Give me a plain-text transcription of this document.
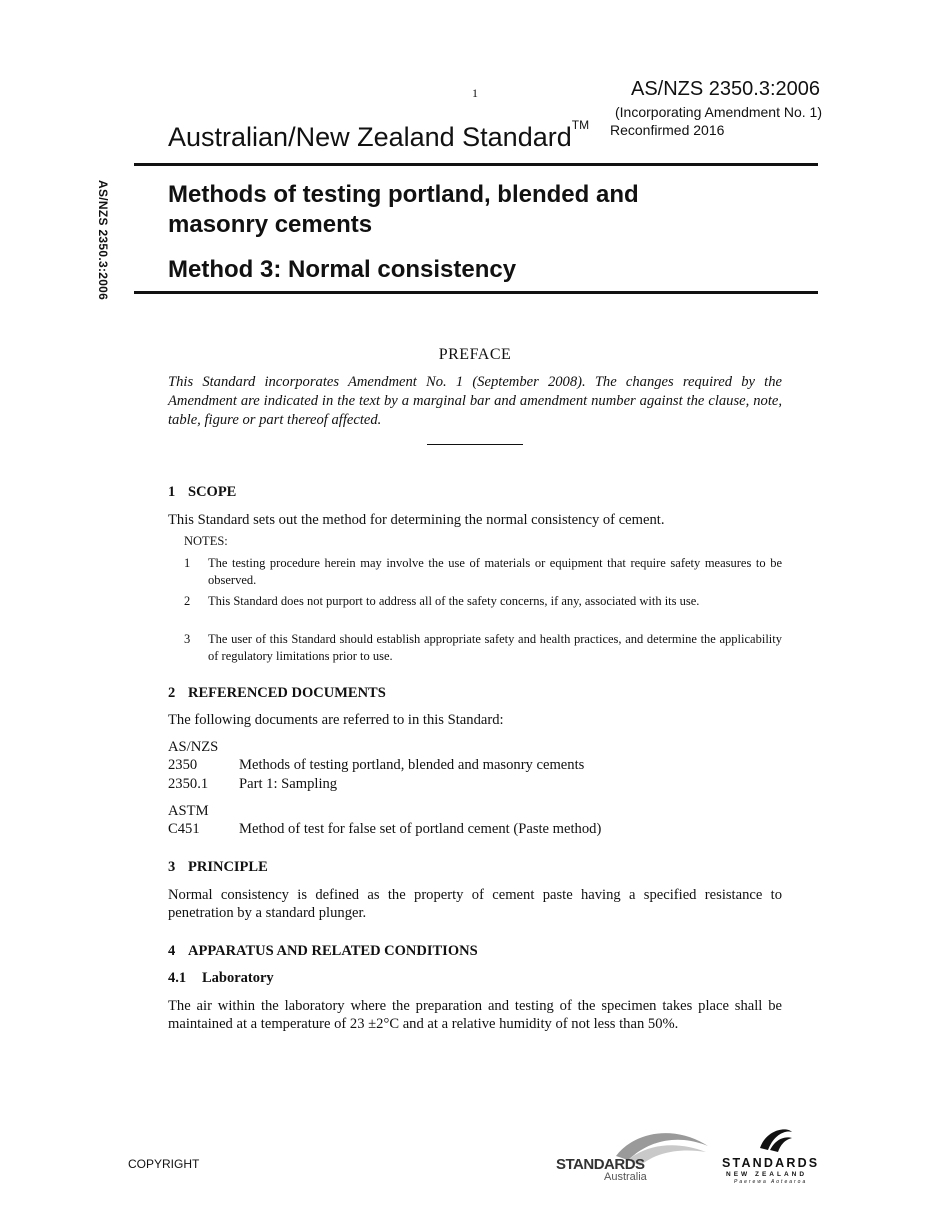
1	AS/NZS 2350.3:2006
(Incorporating Amendment No. 1)
Reconfirmed 2016
Australian/New Zealand Standard™
AS/NZS 2350.3:2006 Methods of testing portland, blended and
masonry cements
Method 3: Normal consistency
PREFACE
This Standard incorporates Amendment No. 1 (September 2008). The changes required by the Amendment are indicated in the text by a marginal bar and amendment number against the clause, note, table, figure or part thereof affected.
1 SCOPE
This Standard sets out the method for determining the normal consistency of cement.
NOTES:
1	The testing procedure herein may involve the use of materials or equipment that require safety measures to be observed.
2	This Standard does not purport to address all of the safety concerns, if any, associated with its use.
3	The user of this Standard should establish appropriate safety and health practices, and determine the applicability of regulatory limitations prior to use.
2 REFERENCED DOCUMENTS
The following documents are referred to in this Standard:
AS/NZS
2350	Methods of testing portland, blended and masonry cements
2350.1	Part 1: Sampling
ASTM
C451	Method of test for false set of portland cement (Paste method)
3 PRINCIPLE
Normal consistency is defined as the property of cement paste having a specified resistance to penetration by a standard plunger.
4 APPARATUS AND RELATED CONDITIONS
4.1 Laboratory
The air within the laboratory where the preparation and testing of the specimen takes place shall be maintained at a temperature of 23 ±2°C and at a relative humidity of not less than 50%.
COPYRIGHT	STANDARDS
Australia
STANDARDS
NEW ZEALAND
Paerewa Aotearoa
